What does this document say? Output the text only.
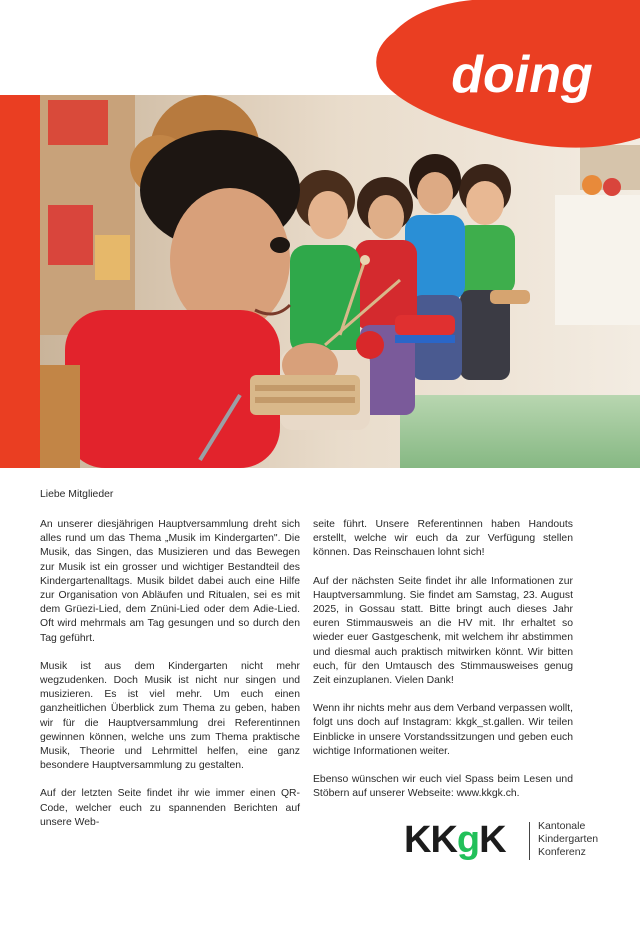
doing
Liebe Mitglieder

An unserer diesjährigen Hauptversammlung dreht sich alles rund um das Thema „Musik im Kindergarten". Die Musik, das Singen, das Musizieren und das Bewegen zur Musik ist ein grosser und wichtiger Bestandteil des Kindergartenalltags. Musik bildet dabei auch eine Hilfe zur Organisation von Abläufen und Ritualen, sei es mit dem Grüezi-Lied, dem Znüni-Lied oder dem Adie-Lied. Oft wird mehrmals am Tag gesungen und so durch den Tag geführt.

Musik ist aus dem Kindergarten nicht mehr wegzudenken. Doch Musik ist nicht nur singen und musizieren. Es ist viel mehr. Um euch einen ganzheitlichen Überblick zum Thema zu geben, haben wir für die Hauptversammlung drei Referentinnen gewinnen können, welche uns zum Thema praktische Musik, Theorie und Lehrmittel helfen, eine ganz besondere Hauptversammlung zu gestalten.

Auf der letzten Seite findet ihr wie immer einen QR-Code, welcher euch zu spannenden Berichten auf unsere Web-

seite führt. Unsere Referentinnen haben Handouts erstellt, welche wir euch da zur Verfügung stellen können. Das Reinschauen lohnt sich!

Auf der nächsten Seite findet ihr alle Informationen zur Hauptversammlung. Sie findet am Samstag, 23. August 2025, in Gossau statt. Bitte bringt auch dieses Jahr euren Stimmausweis an die HV mit. Ihr erhaltet so wieder euer Gastgeschenk, mit welchem ihr abstimmen und diesmal auch praktisch mitwirken könnt. Wir bitten euch, für den Umtausch des Stimmausweises genug Zeit einzuplanen. Vielen Dank!

Wenn ihr nichts mehr aus dem Verband verpassen wollt, folgt uns doch auf Instagram: kkgk_st.gallen. Wir teilen Einblicke in unsere Vorstandssitzungen und geben euch wichtige Informationen weiter.

Ebenso wünschen wir euch viel Spass beim Lesen und Stöbern auf unserer Webseite: www.kkgk.ch.

KKgK	Kantonale
Kindergarten
Konferenz
